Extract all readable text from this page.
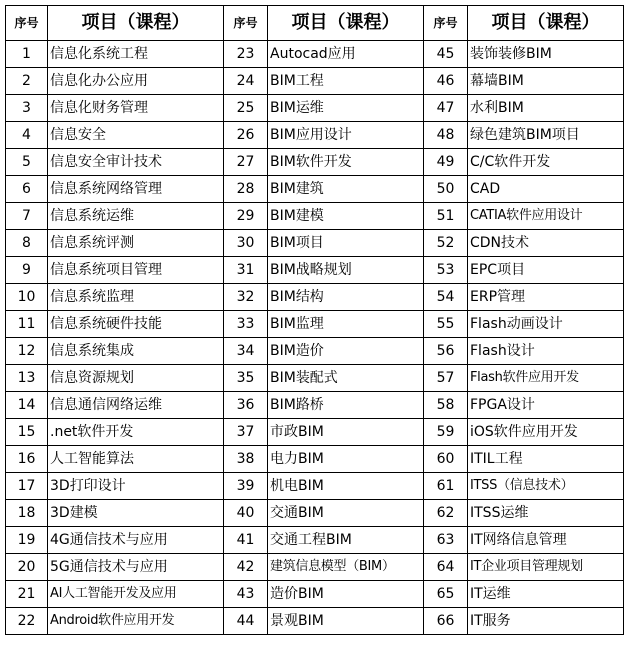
序号	项目（课程）	序号	项目（课程）	序号	项目（课程）
1	信息化系统工程	23	Autocad应用	45	装饰装修BIM
2	信息化办公应用	24	BIM工程	46	幕墙BIM
3	信息化财务管理	25	BIM运维	47	水利BIM
4	信息安全	26	BIM应用设计	48	绿色建筑BIM项目
5	信息安全审计技术	27	BIM软件开发	49	C/C软件开发
6	信息系统网络管理	28	BIM建筑	50	CAD
7	信息系统运维	29	BIM建模	51	CATIA软件应用设计
8	信息系统评测	30	BIM项目	52	CDN技术
9	信息系统项目管理	31	BIM战略规划	53	EPC项目
10	信息系统监理	32	BIM结构	54	ERP管理
11	信息系统硬件技能	33	BIM监理	55	Flash动画设计
12	信息系统集成	34	BIM造价	56	Flash设计
13	信息资源规划	35	BIM装配式	57	Flash软件应用开发
14	信息通信网络运维	36	BIM路桥	58	FPGA设计
15	.net软件开发	37	市政BIM	59	iOS软件应用开发
16	人工智能算法	38	电力BIM	60	ITIL工程
17	3D打印设计	39	机电BIM	61	ITSS（信息技术）
18	3D建模	40	交通BIM	62	ITSS运维
19	4G通信技术与应用	41	交通工程BIM	63	IT网络信息管理
20	5G通信技术与应用	42	建筑信息模型（BIM）	64	IT企业项目管理规划
21	AI人工智能开发及应用	43	造价BIM	65	IT运维
22	Android软件应用开发	44	景观BIM	66	IT服务
